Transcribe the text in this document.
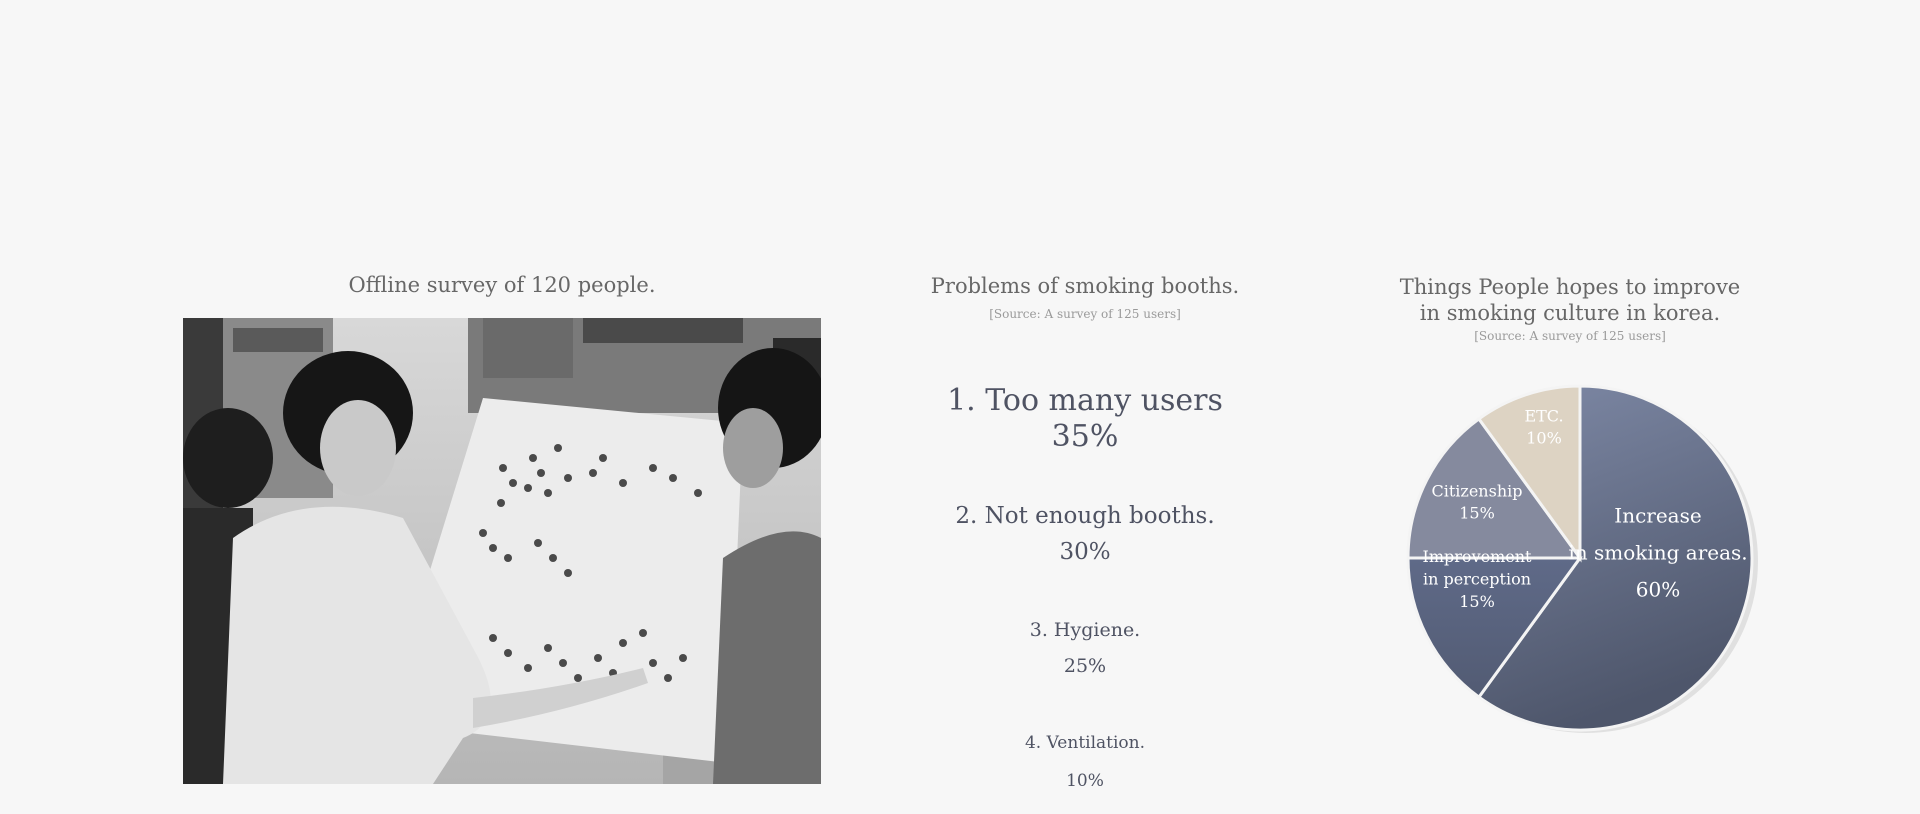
Offline survey of 120 people.	Problems of smoking booths.
[Source: A survey of 125 users]
1. Too many users
35%
2. Not enough booths.
30%
3. Hygiene.
25%
4. Ventilation.
10%
Things People hopes to improve
in smoking culture in korea.
[Source: A survey of 125 users]
Increase in smoking areas. 60%
Improvement in perception 15%
Citizenship 15%
ETC. 10%
